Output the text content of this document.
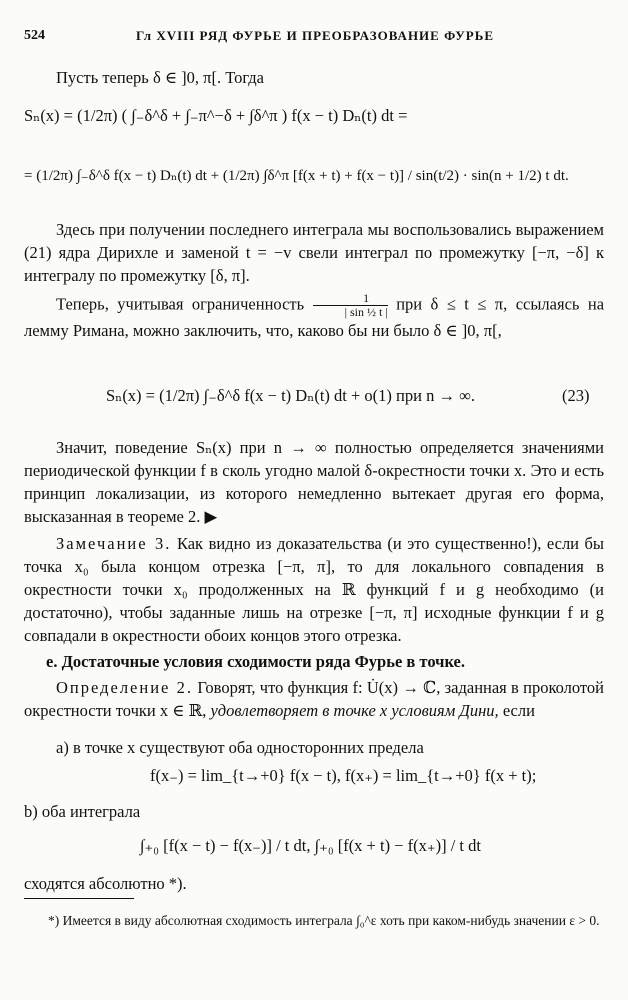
524	Гл XVIII РЯД ФУРЬЕ И ПРЕОБРАЗОВАНИЕ ФУРЬЕ
Пусть теперь δ ∈ ]0, π[. Тогда
Sₙ(x) = (1/2π) ( ∫₋δ^δ + ∫₋π^−δ + ∫δ^π ) f(x − t) Dₙ(t) dt =
= (1/2π) ∫₋δ^δ f(x − t) Dₙ(t) dt + (1/2π) ∫δ^π [f(x + t) + f(x − t)] / sin(t/2) · sin(n + 1/2) t dt.
Здесь при получении последнего интеграла мы воспользовались выражением (21) ядра Дирихле и заменой t = −v свели интеграл по промежутку [−π, −δ] к интегралу по промежутку [δ, π].
Теперь, учитывая ограниченность $\frac{1}{\text{| sin ½ t |}}$ при δ ≤ t ≤ π, ссылаясь на лемму Римана, можно заключить, что, каково бы ни было δ ∈ ]0, π[,
Sₙ(x) = (1/2π) ∫₋δ^δ f(x − t) Dₙ(t) dt + o(1) при n → ∞.	(23)
Значит, поведение Sₙ(x) при n → ∞ полностью определяется значениями периодической функции f в сколь угодно малой δ-окрестности точки x. Это и есть принцип локализации, из которого немедленно вытекает другая его форма, высказанная в теореме 2. ▶
Замечание 3. Как видно из доказательства (и это существенно!), если бы точка x₀ была концом отрезка [−π, π], то для локального совпадения в окрестности точки x₀ продолженных на ℝ функций f и g необходимо (и достаточно), чтобы заданные лишь на отрезке [−π, π] исходные функции f и g совпадали в окрестности обоих концов этого отрезка.
e. Достаточные условия сходимости ряда Фурье в точке.
Определение 2. Говорят, что функция f: U̇(x) → ℂ, заданная в проколотой окрестности точки x ∈ ℝ, удовлетворяет в точке x условиям Дини, если
a) в точке x существуют оба односторонних предела
f(x₋) = lim_{t→+0} f(x − t), f(x₊) = lim_{t→+0} f(x + t);
b) оба интеграла
∫₊₀ [f(x − t) − f(x₋)] / t dt, ∫₊₀ [f(x + t) − f(x₊)] / t dt
сходятся абсолютно *).
*) Имеется в виду абсолютная сходимость интеграла ∫₀^ε хоть при каком-нибудь значении ε > 0.
